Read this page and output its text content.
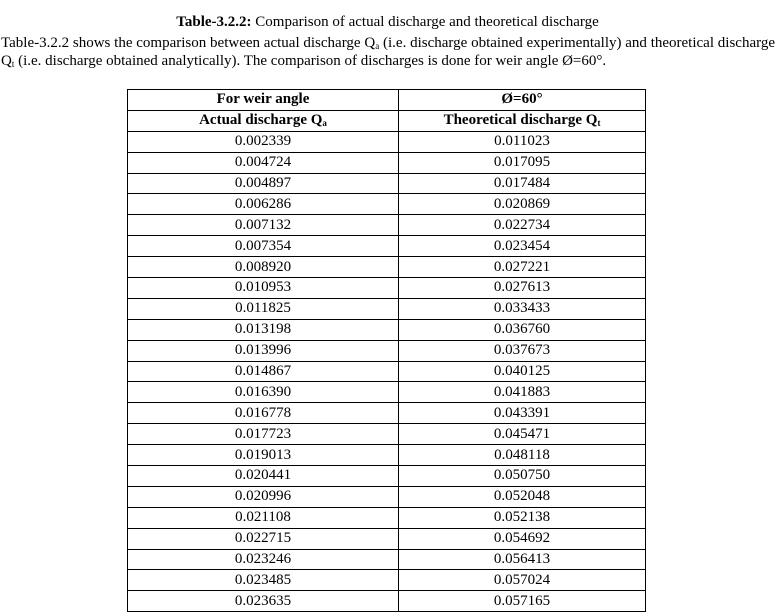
Table-3.2.2: Comparison of actual discharge and theoretical discharge
Table-3.2.2 shows the comparison between actual discharge $Q_a$ (i.e. discharge obtained experimentally) and theoretical discharge $Q_t$ (i.e. discharge obtained analytically). The comparison of discharges is done for weir angle Ø=60°.
For weir angle	Ø=60°
Actual discharge $Q_a$	Theoretical discharge $Q_t$
0.002339	0.011023
0.004724	0.017095
0.004897	0.017484
0.006286	0.020869
0.007132	0.022734
0.007354	0.023454
0.008920	0.027221
0.010953	0.027613
0.011825	0.033433
0.013198	0.036760
0.013996	0.037673
0.014867	0.040125
0.016390	0.041883
0.016778	0.043391
0.017723	0.045471
0.019013	0.048118
0.020441	0.050750
0.020996	0.052048
0.021108	0.052138
0.022715	0.054692
0.023246	0.056413
0.023485	0.057024
0.023635	0.057165
